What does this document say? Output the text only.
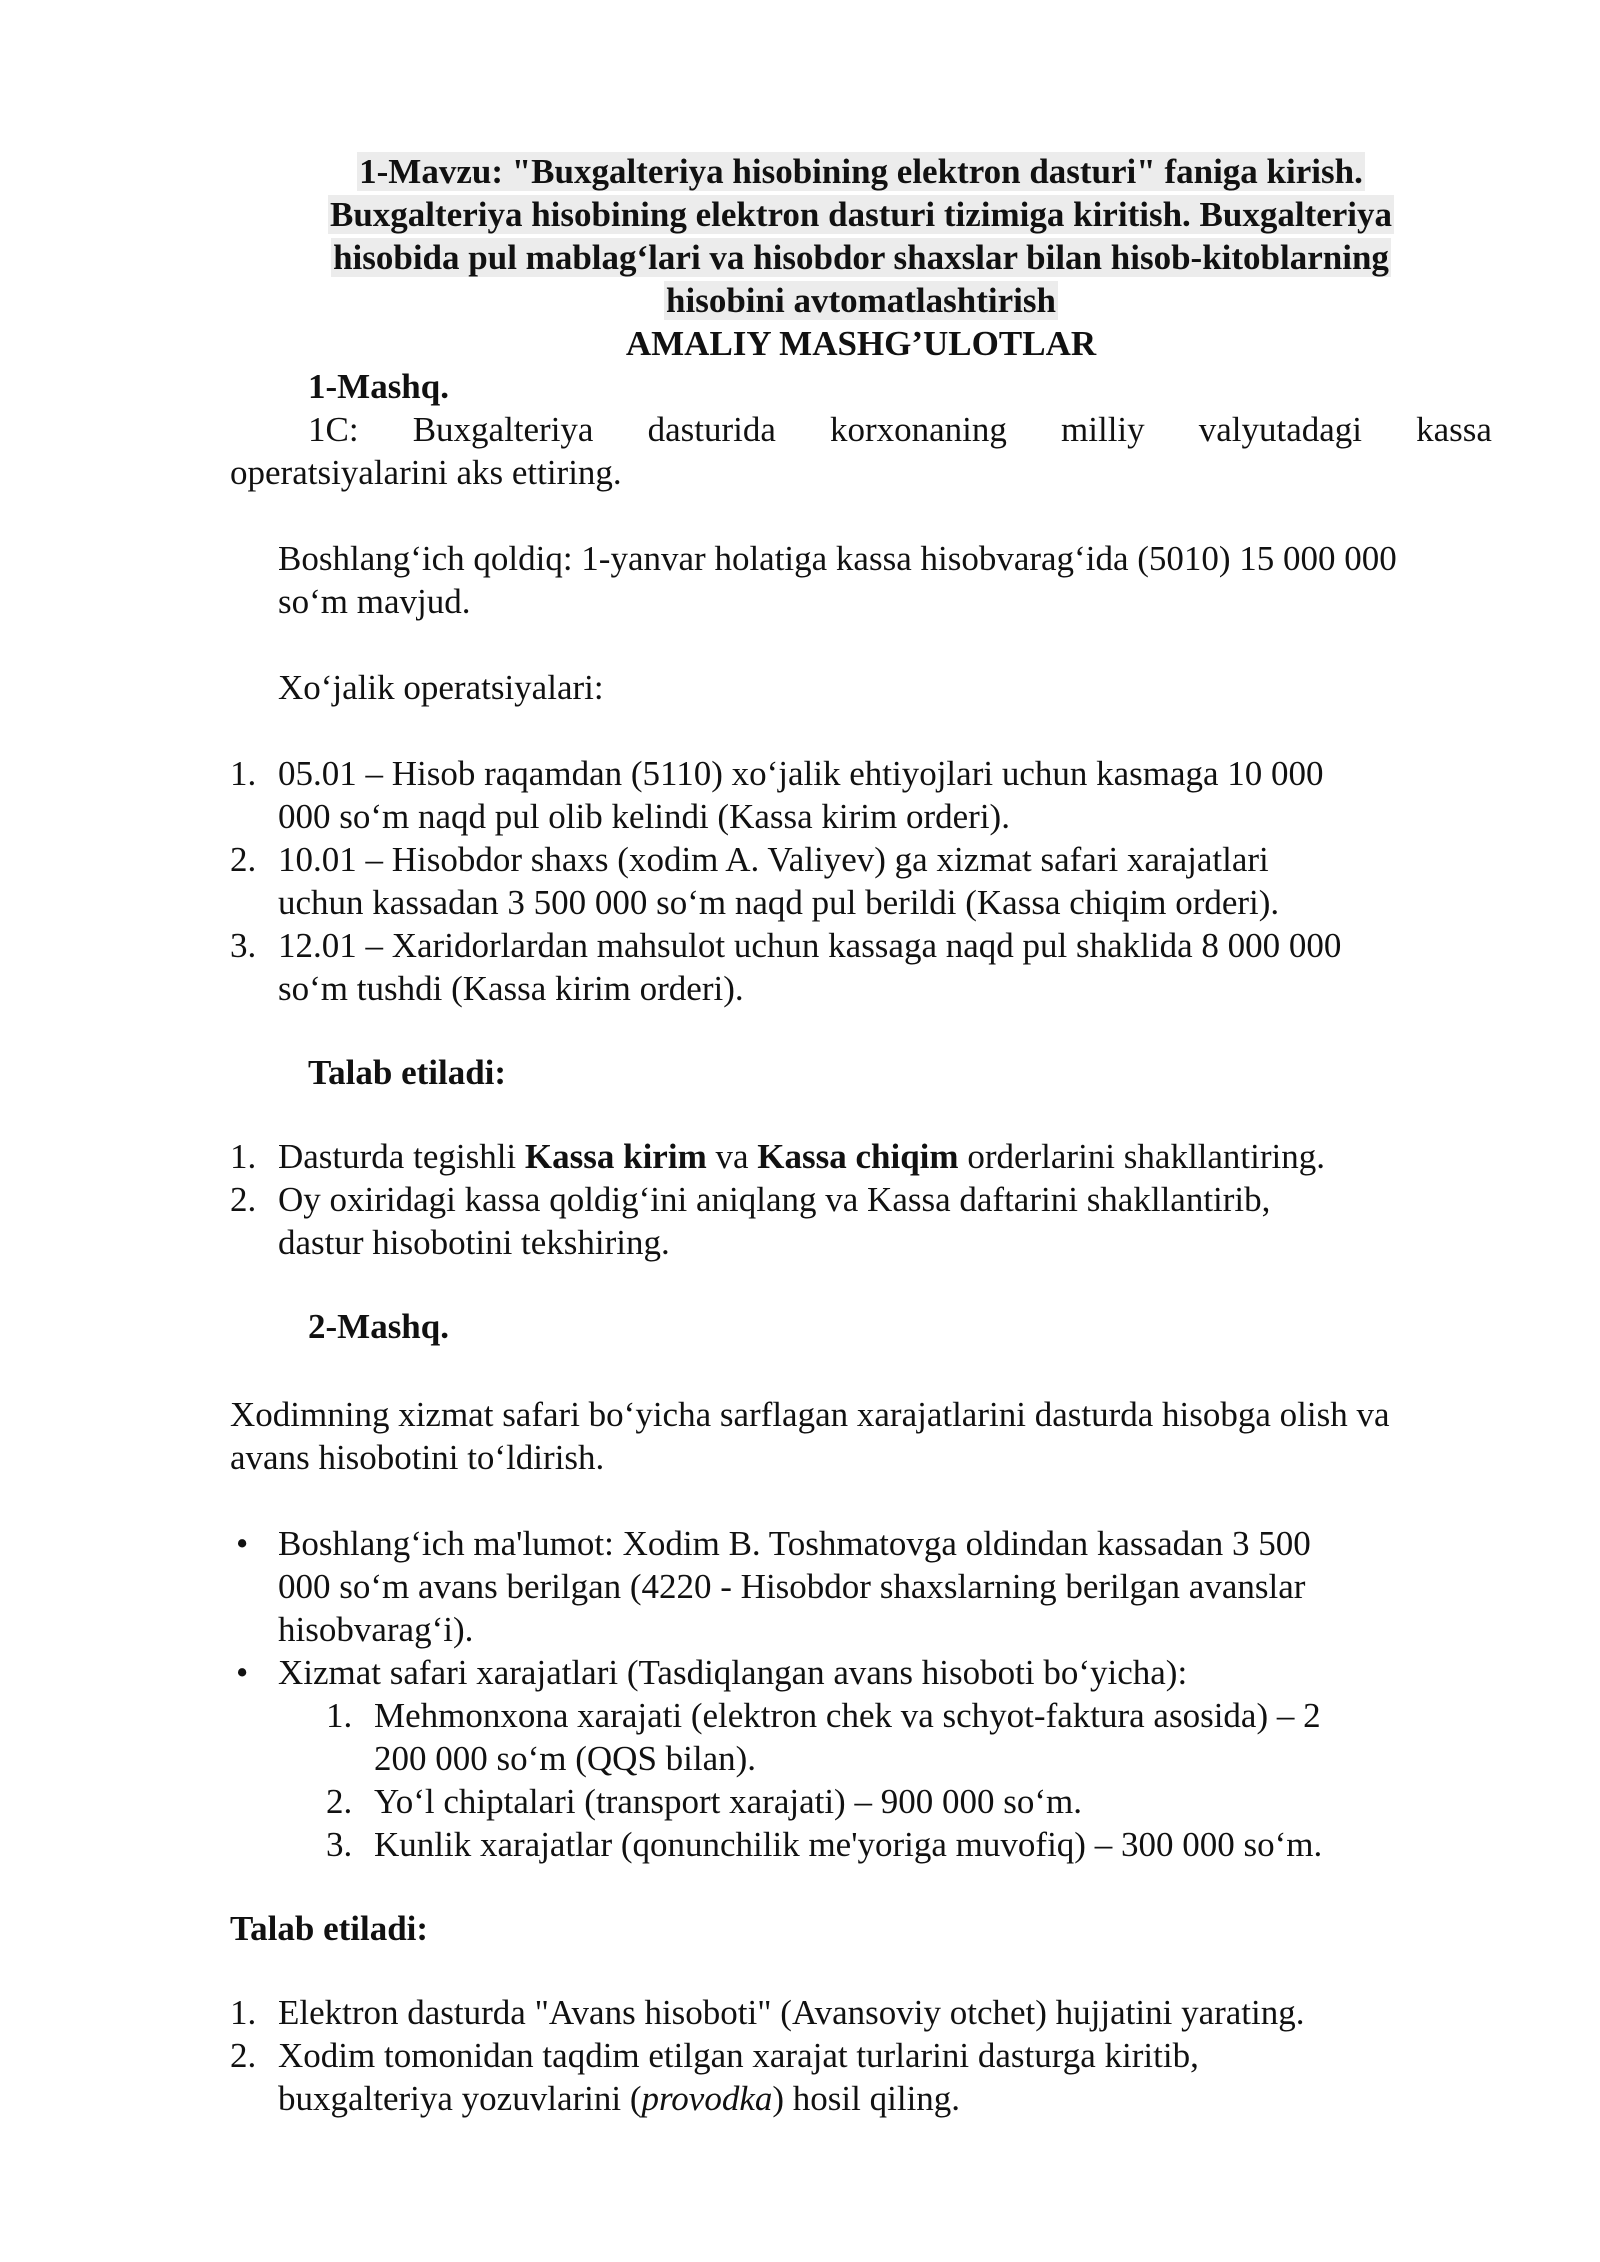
1-Mavzu: "Buxgalteriya hisobining elektron dasturi" faniga kirish.
Buxgalteriya hisobining elektron dasturi tizimiga kiritish. Buxgalteriya
hisobida pul mablag‘lari va hisobdor shaxslar bilan hisob-kitoblarning
hisobini avtomatlashtirish
AMALIY MASHG’ULOTLAR

1-Mashq.

1C: Buxgalteriya dasturida korxonaning milliy valyutadagi kassa
operatsiyalarini aks ettiring.
Boshlang‘ich qoldiq: 1-yanvar holatiga kassa hisobvarag‘ida (5010) 15 000 000
so‘m mavjud.
Xo‘jalik operatsiyalari:
1. 05.01 – Hisob raqamdan (5110) xo‘jalik ehtiyojlari uchun kasmaga 10 000
000 so‘m naqd pul olib kelindi (Kassa kirim orderi).
2. 10.01 – Hisobdor shaxs (xodim A. Valiyev) ga xizmat safari xarajatlari
uchun kassadan 3 500 000 so‘m naqd pul berildi (Kassa chiqim orderi).
3. 12.01 – Xaridorlardan mahsulot uchun kassaga naqd pul shaklida 8 000 000
so‘m tushdi (Kassa kirim orderi).

Talab etiladi:

1. Dasturda tegishli Kassa kirim va Kassa chiqim orderlarini shakllantiring.
2. Oy oxiridagi kassa qoldig‘ini aniqlang va Kassa daftarini shakllantirib,
dastur hisobotini tekshiring.

2-Mashq.

Xodimning xizmat safari bo‘yicha sarflagan xarajatlarini dasturda hisobga olish va
avans hisobotini to‘ldirish.
• Boshlang‘ich ma'lumot: Xodim B. Toshmatovga oldindan kassadan 3 500
000 so‘m avans berilgan (4220 - Hisobdor shaxslarning berilgan avanslar
hisobvarag‘i).
• Xizmat safari xarajatlari (Tasdiqlangan avans hisoboti bo‘yicha):
1. Mehmonxona xarajati (elektron chek va schyot-faktura asosida) – 2
200 000 so‘m (QQS bilan).
2. Yo‘l chiptalari (transport xarajati) – 900 000 so‘m.
3. Kunlik xarajatlar (qonunchilik me'yoriga muvofiq) – 300 000 so‘m.

Talab etiladi:

1. Elektron dasturda "Avans hisoboti" (Avansoviy otchet) hujjatini yarating.
2. Xodim tomonidan taqdim etilgan xarajat turlarini dasturga kiritib,
buxgalteriya yozuvlarini (provodka) hosil qiling.
